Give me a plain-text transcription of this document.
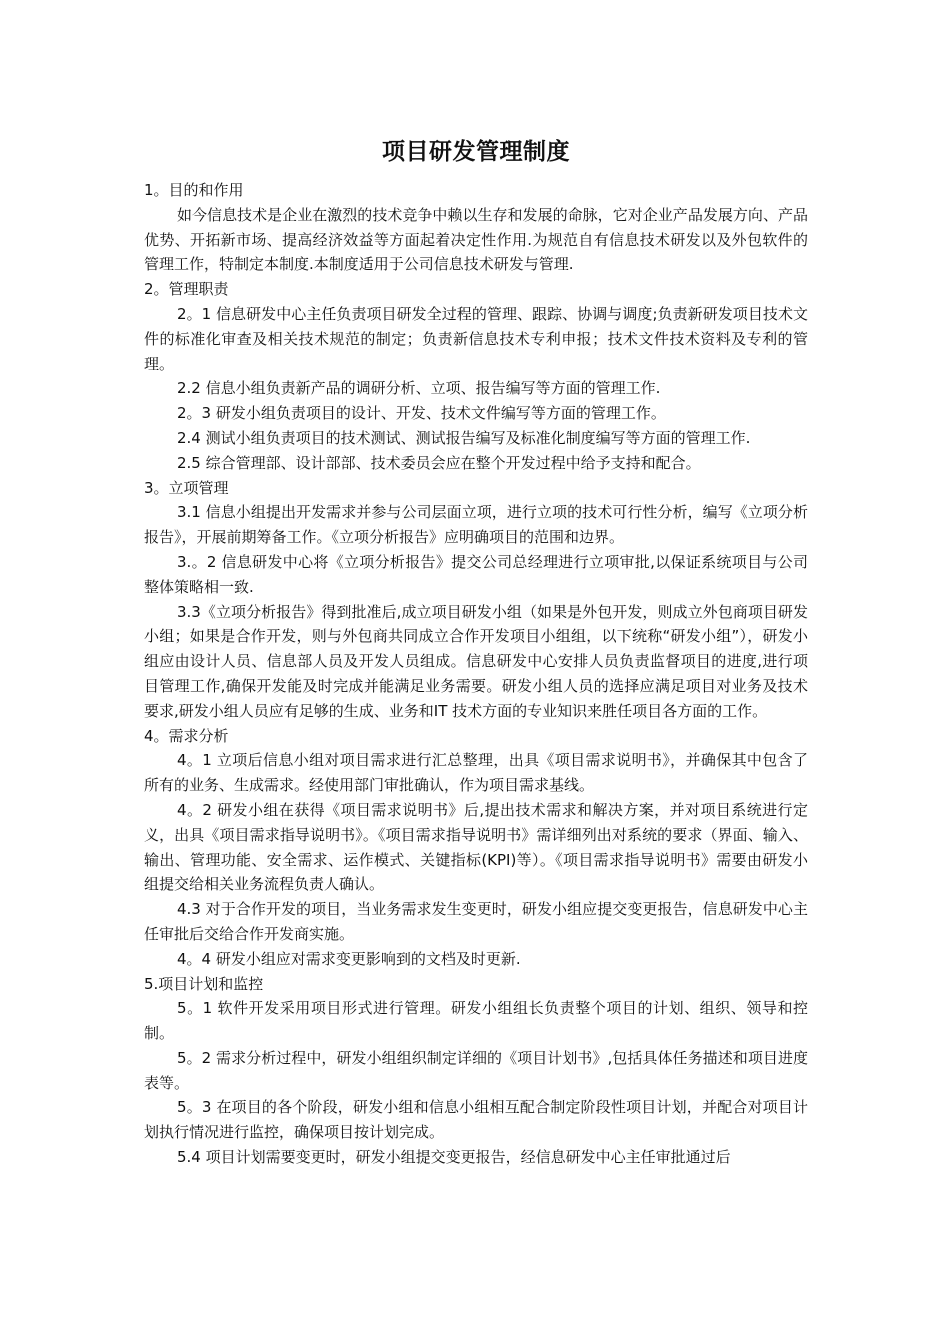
项目研发管理制度

1。目的和作用

如今信息技术是企业在激烈的技术竞争中赖以生存和发展的命脉，它对企业产品发展方向、产品优势、开拓新市场、提高经济效益等方面起着决定性作用.为规范自有信息技术研发以及外包软件的管理工作，特制定本制度.本制度适用于公司信息技术研发与管理.

2。管理职责

2。1 信息研发中心主任负责项目研发全过程的管理、跟踪、协调与调度;负责新研发项目技术文件的标准化审查及相关技术规范的制定；负责新信息技术专利申报；技术文件技术资料及专利的管理。

2.2 信息小组负责新产品的调研分析、立项、报告编写等方面的管理工作.

2。3 研发小组负责项目的设计、开发、技术文件编写等方面的管理工作。

2.4 测试小组负责项目的技术测试、测试报告编写及标准化制度编写等方面的管理工作.

2.5 综合管理部、设计部部、技术委员会应在整个开发过程中给予支持和配合。

3。立项管理

3.1 信息小组提出开发需求并参与公司层面立项，进行立项的技术可行性分析，编写《立项分析报告》，开展前期筹备工作。《立项分析报告》应明确项目的范围和边界。

3.。2 信息研发中心将《立项分析报告》提交公司总经理进行立项审批,以保证系统项目与公司整体策略相一致.

3.3《立项分析报告》得到批准后,成立项目研发小组（如果是外包开发，则成立外包商项目研发小组；如果是合作开发，则与外包商共同成立合作开发项目小组组，以下统称“研发小组”），研发小组应由设计人员、信息部人员及开发人员组成。信息研发中心安排人员负责监督项目的进度,进行项目管理工作,确保开发能及时完成并能满足业务需要。研发小组人员的选择应满足项目对业务及技术要求,研发小组人员应有足够的生成、业务和IT 技术方面的专业知识来胜任项目各方面的工作。

4。需求分析

4。1 立项后信息小组对项目需求进行汇总整理，出具《项目需求说明书》，并确保其中包含了所有的业务、生成需求。经使用部门审批确认，作为项目需求基线。

4。2 研发小组在获得《项目需求说明书》后,提出技术需求和解决方案，并对项目系统进行定义，出具《项目需求指导说明书》。《项目需求指导说明书》需详细列出对系统的要求（界面、输入、输出、管理功能、安全需求、运作模式、关键指标(KPI)等）。《项目需求指导说明书》需要由研发小组提交给相关业务流程负责人确认。

4.3 对于合作开发的项目，当业务需求发生变更时，研发小组应提交变更报告，信息研发中心主任审批后交给合作开发商实施。

4。4 研发小组应对需求变更影响到的文档及时更新.

5.项目计划和监控

5。1 软件开发采用项目形式进行管理。研发小组组长负责整个项目的计划、组织、领导和控制。

5。2 需求分析过程中，研发小组组织制定详细的《项目计划书》,包括具体任务描述和项目进度表等。

5。3 在项目的各个阶段，研发小组和信息小组相互配合制定阶段性项目计划，并配合对项目计划执行情况进行监控，确保项目按计划完成。

5.4 项目计划需要变更时，研发小组提交变更报告，经信息研发中心主任审批通过后
